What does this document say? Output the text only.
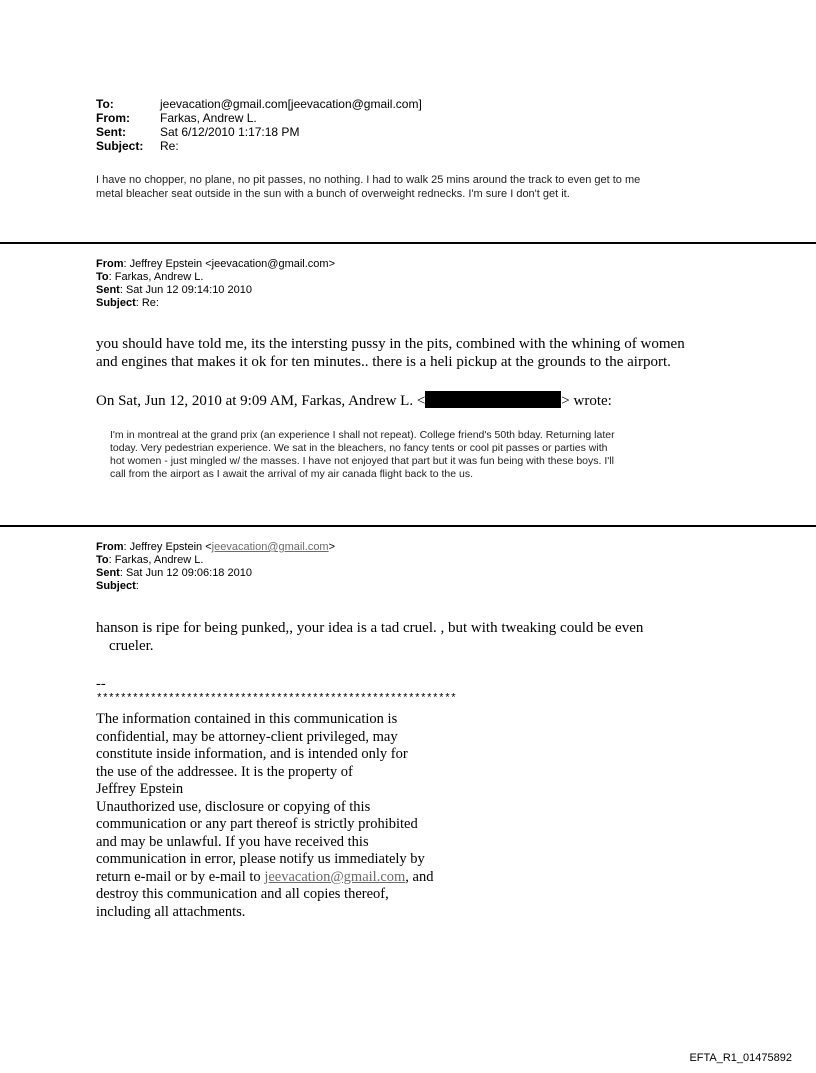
To:	jeevacation@gmail.com[jeevacation@gmail.com]
From:	Farkas, Andrew L.
Sent:	Sat 6/12/2010 1:17:18 PM
Subject:	Re:
I have no chopper, no plane, no pit passes, no nothing. I had to walk 25 mins around the track to even get to me
metal bleacher seat outside in the sun with a bunch of overweight rednecks. I'm sure I don't get it.
From: Jeffrey Epstein <jeevacation@gmail.com>
To: Farkas, Andrew L.
Sent: Sat Jun 12 09:14:10 2010
Subject: Re:
you should have told me, its the intersting pussy in the pits, combined with the whining of women
and engines that makes it ok for ten minutes.. there is a heli pickup at the grounds to the airport.
On Sat, Jun 12, 2010 at 9:09 AM, Farkas, Andrew L. <	> wrote:
I'm in montreal at the grand prix (an experience I shall not repeat). College friend's 50th bday. Returning later
today. Very pedestrian experience. We sat in the bleachers, no fancy tents or cool pit passes or parties with
hot women - just mingled w/ the masses. I have not enjoyed that part but it was fun being with these boys. I'll
call from the airport as I await the arrival of my air canada flight back to the us.
From: Jeffrey Epstein <jeevacation@gmail.com>
To: Farkas, Andrew L.
Sent: Sat Jun 12 09:06:18 2010
Subject:
hanson is ripe for being punked,, your idea is a tad cruel. , but with tweaking could be even
crueler.
--
************************************************************
The information contained in this communication is
confidential, may be attorney-client privileged, may
constitute inside information, and is intended only for
the use of the addressee. It is the property of
Jeffrey Epstein
Unauthorized use, disclosure or copying of this
communication or any part thereof is strictly prohibited
and may be unlawful. If you have received this
communication in error, please notify us immediately by
return e-mail or by e-mail to jeevacation@gmail.com, and
destroy this communication and all copies thereof,
including all attachments.
EFTA_R1_01475892
